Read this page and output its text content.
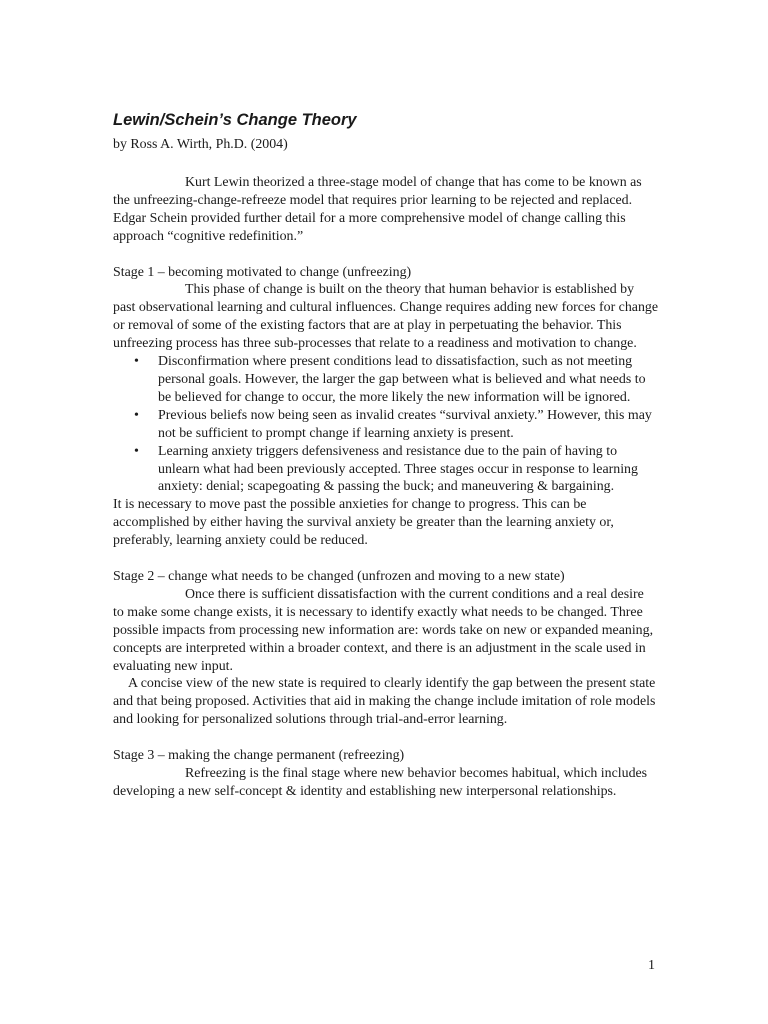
Lewin/Schein’s Change Theory

by Ross A. Wirth, Ph.D. (2004)

Kurt Lewin theorized a three-stage model of change that has come to be known as the unfreezing-change-refreeze model that requires prior learning to be rejected and replaced. Edgar Schein provided further detail for a more comprehensive model of change calling this approach “cognitive redefinition.”

Stage 1 – becoming motivated to change (unfreezing)

This phase of change is built on the theory that human behavior is established by past observational learning and cultural influences. Change requires adding new forces for change or removal of some of the existing factors that are at play in perpetuating the behavior. This unfreezing process has three sub-processes that relate to a readiness and motivation to change.

• Disconfirmation where present conditions lead to dissatisfaction, such as not meeting personal goals. However, the larger the gap between what is believed and what needs to be believed for change to occur, the more likely the new information will be ignored.
• Previous beliefs now being seen as invalid creates “survival anxiety.” However, this may not be sufficient to prompt change if learning anxiety is present.
• Learning anxiety triggers defensiveness and resistance due to the pain of having to unlearn what had been previously accepted. Three stages occur in response to learning anxiety: denial; scapegoating & passing the buck; and maneuvering & bargaining.

It is necessary to move past the possible anxieties for change to progress. This can be accomplished by either having the survival anxiety be greater than the learning anxiety or, preferably, learning anxiety could be reduced.

Stage 2 – change what needs to be changed (unfrozen and moving to a new state)

Once there is sufficient dissatisfaction with the current conditions and a real desire to make some change exists, it is necessary to identify exactly what needs to be changed. Three possible impacts from processing new information are: words take on new or expanded meaning, concepts are interpreted within a broader context, and there is an adjustment in the scale used in evaluating new input.

A concise view of the new state is required to clearly identify the gap between the present state and that being proposed. Activities that aid in making the change include imitation of role models and looking for personalized solutions through trial-and-error learning.

Stage 3 – making the change permanent (refreezing)

Refreezing is the final stage where new behavior becomes habitual, which includes developing a new self-concept & identity and establishing new interpersonal relationships.

1
